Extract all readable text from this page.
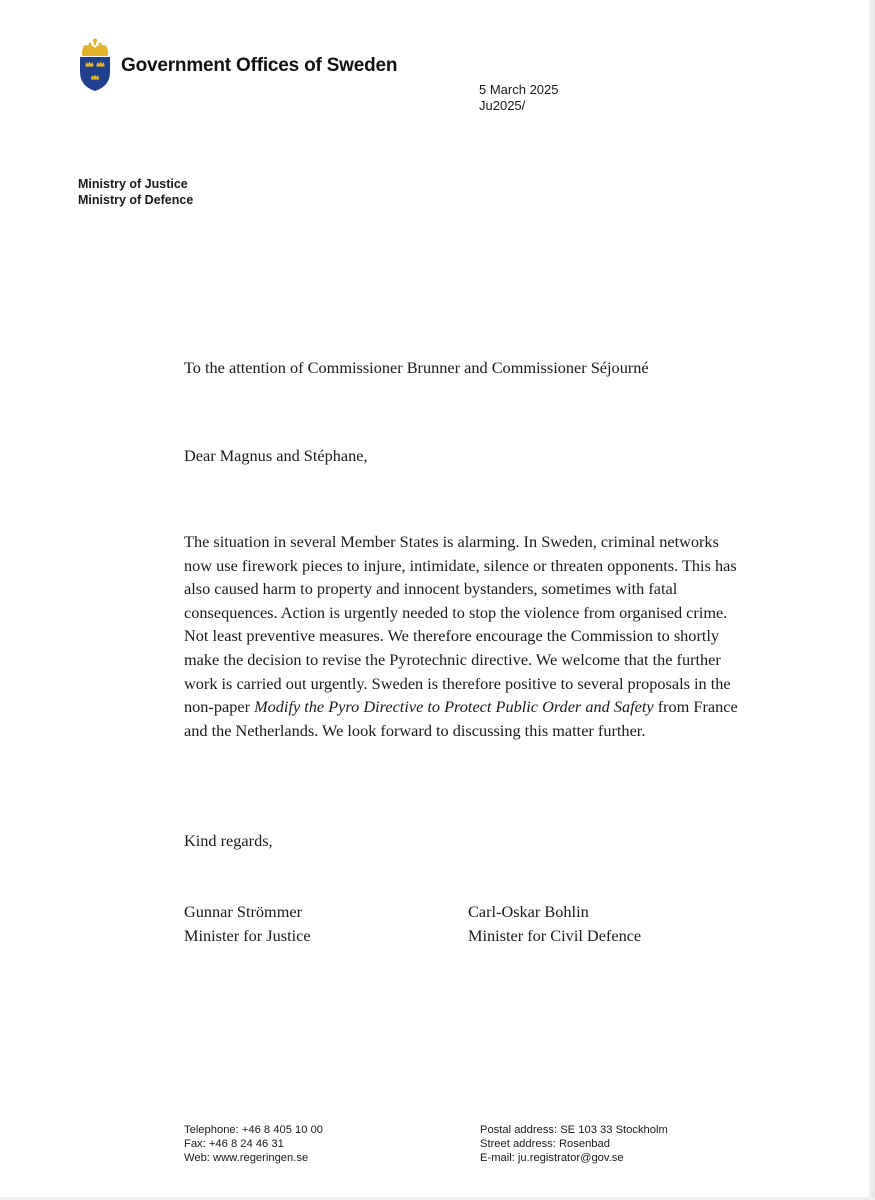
Government Offices of Sweden
5 March 2025
Ju2025/
Ministry of Justice
Ministry of Defence
To the attention of Commissioner Brunner and Commissioner Séjourné
Dear Magnus and Stéphane,

The situation in several Member States is alarming. In Sweden, criminal networks now use firework pieces to injure, intimidate, silence or threaten opponents. This has also caused harm to property and innocent bystanders, sometimes with fatal consequences. Action is urgently needed to stop the violence from organised crime. Not least preventive measures. We therefore encourage the Commission to shortly make the decision to revise the Pyrotechnic directive. We welcome that the further work is carried out urgently. Sweden is therefore positive to several proposals in the non-paper Modify the Pyro Directive to Protect Public Order and Safety from France and the Netherlands. We look forward to discussing this matter further.

Kind regards,
Gunnar Strömmer
Minister for Justice
Carl-Oskar Bohlin
Minister for Civil Defence
Telephone: +46 8 405 10 00
Fax: +46 8 24 46 31
Web: www.regeringen.se
Postal address: SE 103 33 Stockholm
Street address: Rosenbad
E-mail: ju.registrator@gov.se
